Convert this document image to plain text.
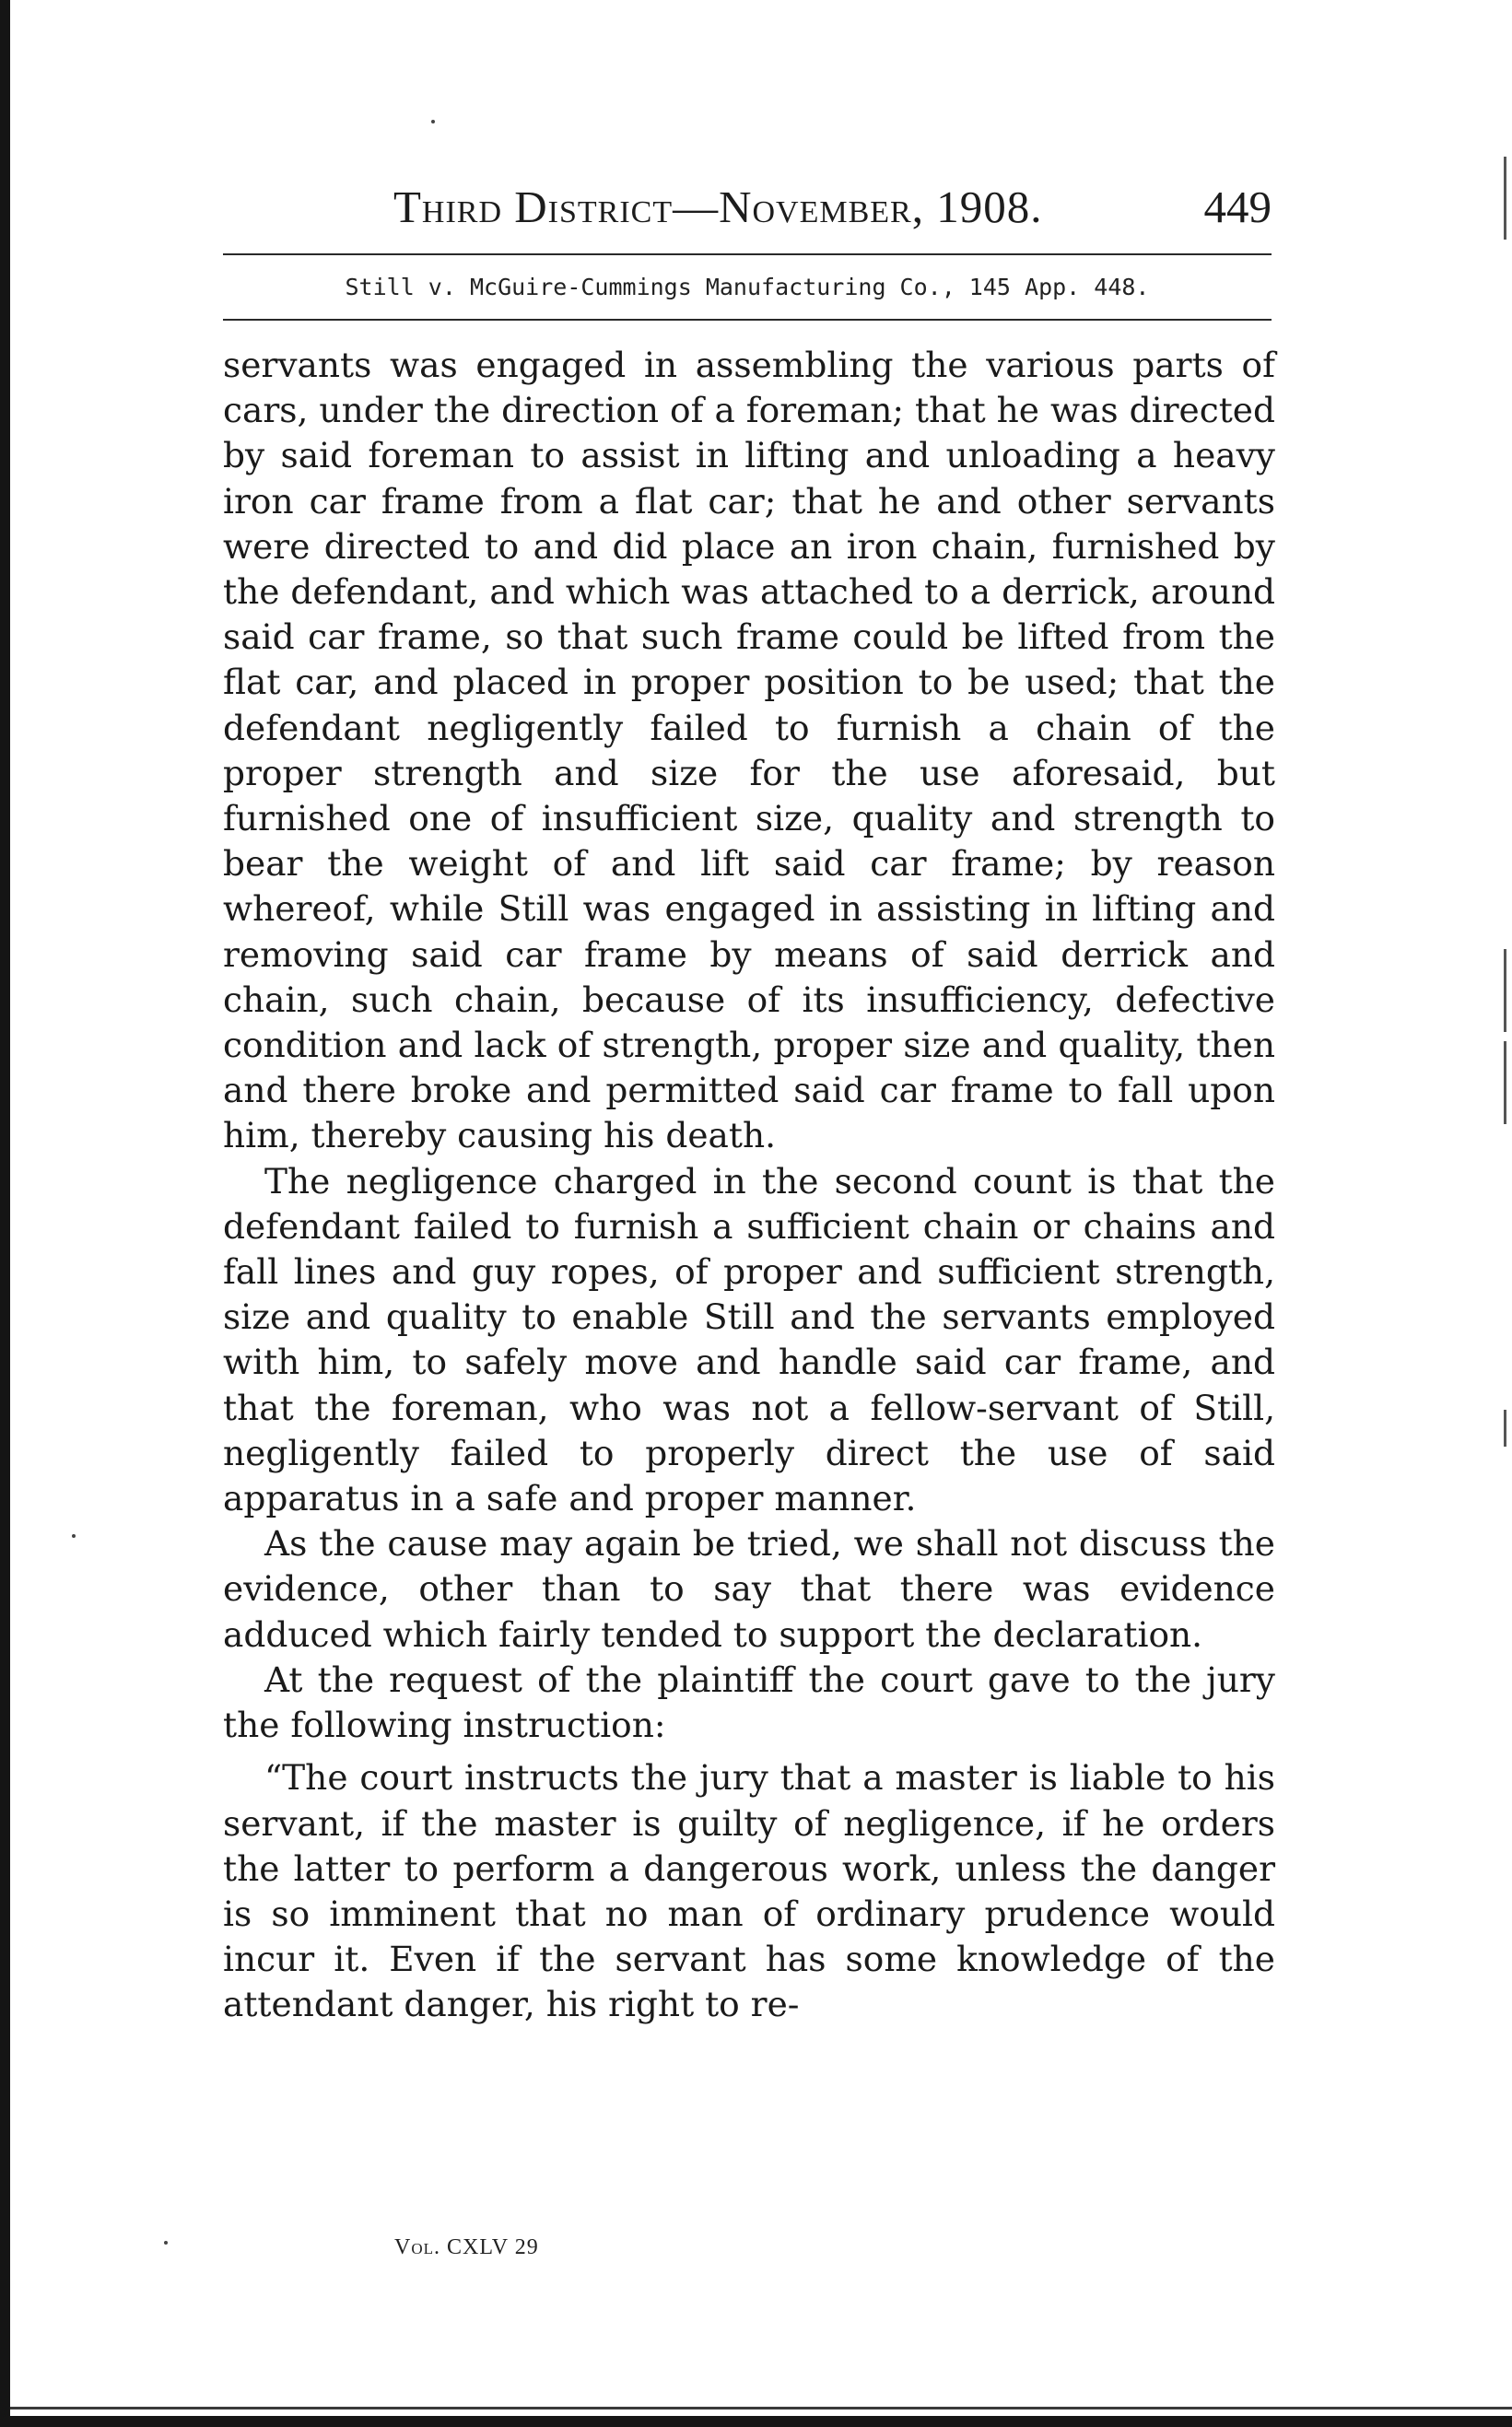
Third District—November, 1908.	449
Still v. McGuire-Cummings Manufacturing Co., 145 App. 448.

servants was engaged in assembling the various parts of cars, under the direction of a foreman; that he was directed by said foreman to assist in lifting and unloading a heavy iron car frame from a flat car; that he and other servants were directed to and did place an iron chain, furnished by the defendant, and which was attached to a derrick, around said car frame, so that such frame could be lifted from the flat car, and placed in proper position to be used; that the defendant negligently failed to furnish a chain of the proper strength and size for the use aforesaid, but furnished one of insufficient size, quality and strength to bear the weight of and lift said car frame; by reason whereof, while Still was engaged in assisting in lifting and removing said car frame by means of said derrick and chain, such chain, because of its insufficiency, defective condition and lack of strength, proper size and quality, then and there broke and permitted said car frame to fall upon him, thereby causing his death.

The negligence charged in the second count is that the defendant failed to furnish a sufficient chain or chains and fall lines and guy ropes, of proper and sufficient strength, size and quality to enable Still and the servants employed with him, to safely move and handle said car frame, and that the foreman, who was not a fellow-servant of Still, negligently failed to properly direct the use of said apparatus in a safe and proper manner.

As the cause may again be tried, we shall not discuss the evidence, other than to say that there was evidence adduced which fairly tended to support the declaration.

At the request of the plaintiff the court gave to the jury the following instruction:

“The court instructs the jury that a master is liable to his servant, if the master is guilty of negligence, if he orders the latter to perform a dangerous work, unless the danger is so imminent that no man of ordinary prudence would incur it. Even if the servant has some knowledge of the attendant danger, his right to re-

Vol. CXLV 29
